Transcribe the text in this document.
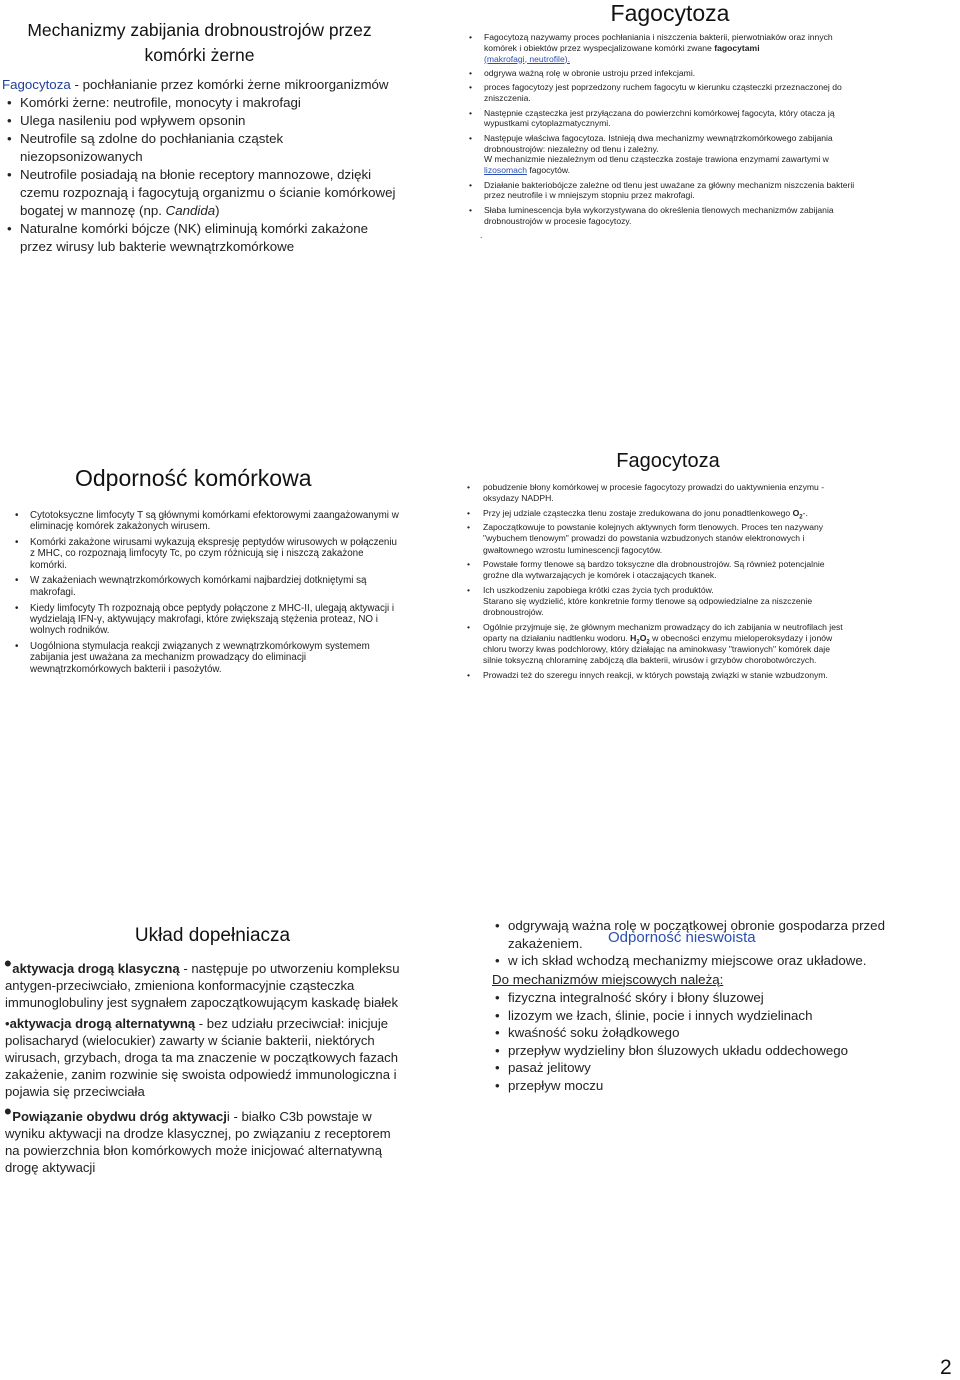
Mechanizmy zabijania drobnoustrojów przez komórki żerne
Fagocytoza - pochłanianie przez komórki żerne mikroorganizmów
• Komórki żerne: neutrofile, monocyty i makrofagi
• Ulega nasileniu pod wpływem opsonin
• Neutrofile są zdolne do pochłaniania cząstek niezopsonizowanych
• Neutrofile posiadają na błonie receptory mannozowe, dzięki czemu rozpoznają i fagocytują organizmu o ścianie komórkowej bogatej w mannozę (np. Candida)
• Naturalne komórki bójcze (NK) eliminują komórki zakażone przez wirusy lub bakterie wewnątrzkomórkowe
Fagocytoza
• Fagocytozą nazywamy proces pochłaniania i niszczenia bakterii, pierwotniaków oraz innych komórek i obiektów przez wyspecjalizowane komórki zwane fagocytami
(makrofagi, neutrofile).
• odgrywa ważną rolę w obronie ustroju przed infekcjami.
• proces fagocytozy jest poprzedzony ruchem fagocytu w kierunku cząsteczki przeznaczonej do zniszczenia.
• Następnie cząsteczka jest przyłączana do powierzchni komórkowej fagocyta, który otacza ją wypustkami cytoplazmatycznymi.
• Następuje właściwa fagocytoza. Istnieją dwa mechanizmy wewnątrzkomórkowego zabijania drobnoustrojów: niezależny od tlenu i zależny.
W mechanizmie niezależnym od tlenu cząsteczka zostaje trawiona enzymami zawartymi w lizosomach fagocytów.
• Działanie bakteriobójcze zależne od tlenu jest uważane za główny mechanizm niszczenia bakterii przez neutrofile i w mniejszym stopniu przez makrofagi.
• Słaba luminescencja była wykorzystywana do określenia tlenowych mechanizmów zabijania drobnoustrojów w procesie fagocytozy.
.
Odporność komórkowa
• Cytotoksyczne limfocyty T są głównymi komórkami efektorowymi zaangażowanymi w eliminację komórek zakażonych wirusem.
• Komórki zakażone wirusami wykazują ekspresję peptydów wirusowych w połączeniu z MHC, co rozpoznają limfocyty Tc, po czym różnicują się i niszczą zakażone komórki.
• W zakażeniach wewnątrzkomórkowych komórkami najbardziej dotkniętymi są makrofagi.
• Kiedy limfocyty Th rozpoznają obce peptydy połączone z MHC-II, ulegają aktywacji i wydzielają IFN-γ, aktywujący makrofagi, które zwiększają stężenia proteaz, NO i wolnych rodników.
• Uogólniona stymulacja reakcji związanych z wewnątrzkomórkowym systemem zabijania jest uważana za mechanizm prowadzący do eliminacji wewnątrzkomórkowych bakterii i pasożytów.
Fagocytoza
• pobudzenie błony komórkowej w procesie fagocytozy prowadzi do uaktywnienia enzymu - oksydazy NADPH.
• Przy jej udziale cząsteczka tlenu zostaje zredukowana do jonu ponadtlenkowego $O_2-$.
• Zapoczątkowuje to powstanie kolejnych aktywnych form tlenowych. Proces ten nazywany "wybuchem tlenowym" prowadzi do powstania wzbudzonych stanów elektronowych i gwałtownego wzrostu luminescencji fagocytów.
• Powstałe formy tlenowe są bardzo toksyczne dla drobnoustrojów. Są również potencjalnie groźne dla wytwarzających je komórek i otaczających tkanek.
• Ich uszkodzeniu zapobiega krótki czas życia tych produktów.
Starano się wydzielić, które konkretnie formy tlenowe są odpowiedzialne za niszczenie drobnoustrojów.
• Ogólnie przyjmuje się, że głównym mechanizm prowadzący do ich zabijania w neutrofilach jest oparty na działaniu nadtlenku wodoru. $H_2O_2$ w obecności enzymu mieloperoksydazy i jonów chloru tworzy kwas podchlorowy, który działając na aminokwasy "trawionych" komórek daje silnie toksyczną chloraminę zabójczą dla bakterii, wirusów i grzybów chorobotwórczych.
• Prowadzi też do szeregu innych reakcji, w których powstają związki w stanie wzbudzonym.
Układ dopełniacza

• aktywacja drogą klasyczną - następuje po utworzeniu kompleksu antygen-przeciwciało, zmieniona konformacyjnie cząsteczka immunoglobuliny jest sygnałem zapoczątkowującym kaskadę białek

•aktywacja drogą alternatywną - bez udziału przeciwciał: inicjuje polisacharyd (wielocukier) zawarty w ścianie bakterii, niektórych wirusach, grzybach, droga ta ma znaczenie w początkowych fazach zakażenie, zanim rozwinie się swoista odpowiedź immunologiczna i pojawia się przeciwciała

• Powiązanie obydwu dróg aktywacji - białko C3b powstaje w wyniku aktywacji na drodze klasycznej, po związaniu z receptorem na powierzchnia błon komórkowych może inicjować alternatywną drogę aktywacji

Odporność nieswoista
• odgrywają ważna rolę w początkowej obronie gospodarza przed zakażeniem.
• w ich skład wchodzą mechanizmy miejscowe oraz układowe.
Do mechanizmów miejscowych należą:
• fizyczna integralność skóry i błony śluzowej
• lizozym we łzach, ślinie, pocie i innych wydzielinach
• kwaśność soku żołądkowego
• przepływ wydzieliny błon śluzowych układu oddechowego
• pasaż jelitowy
• przepływ moczu
2
